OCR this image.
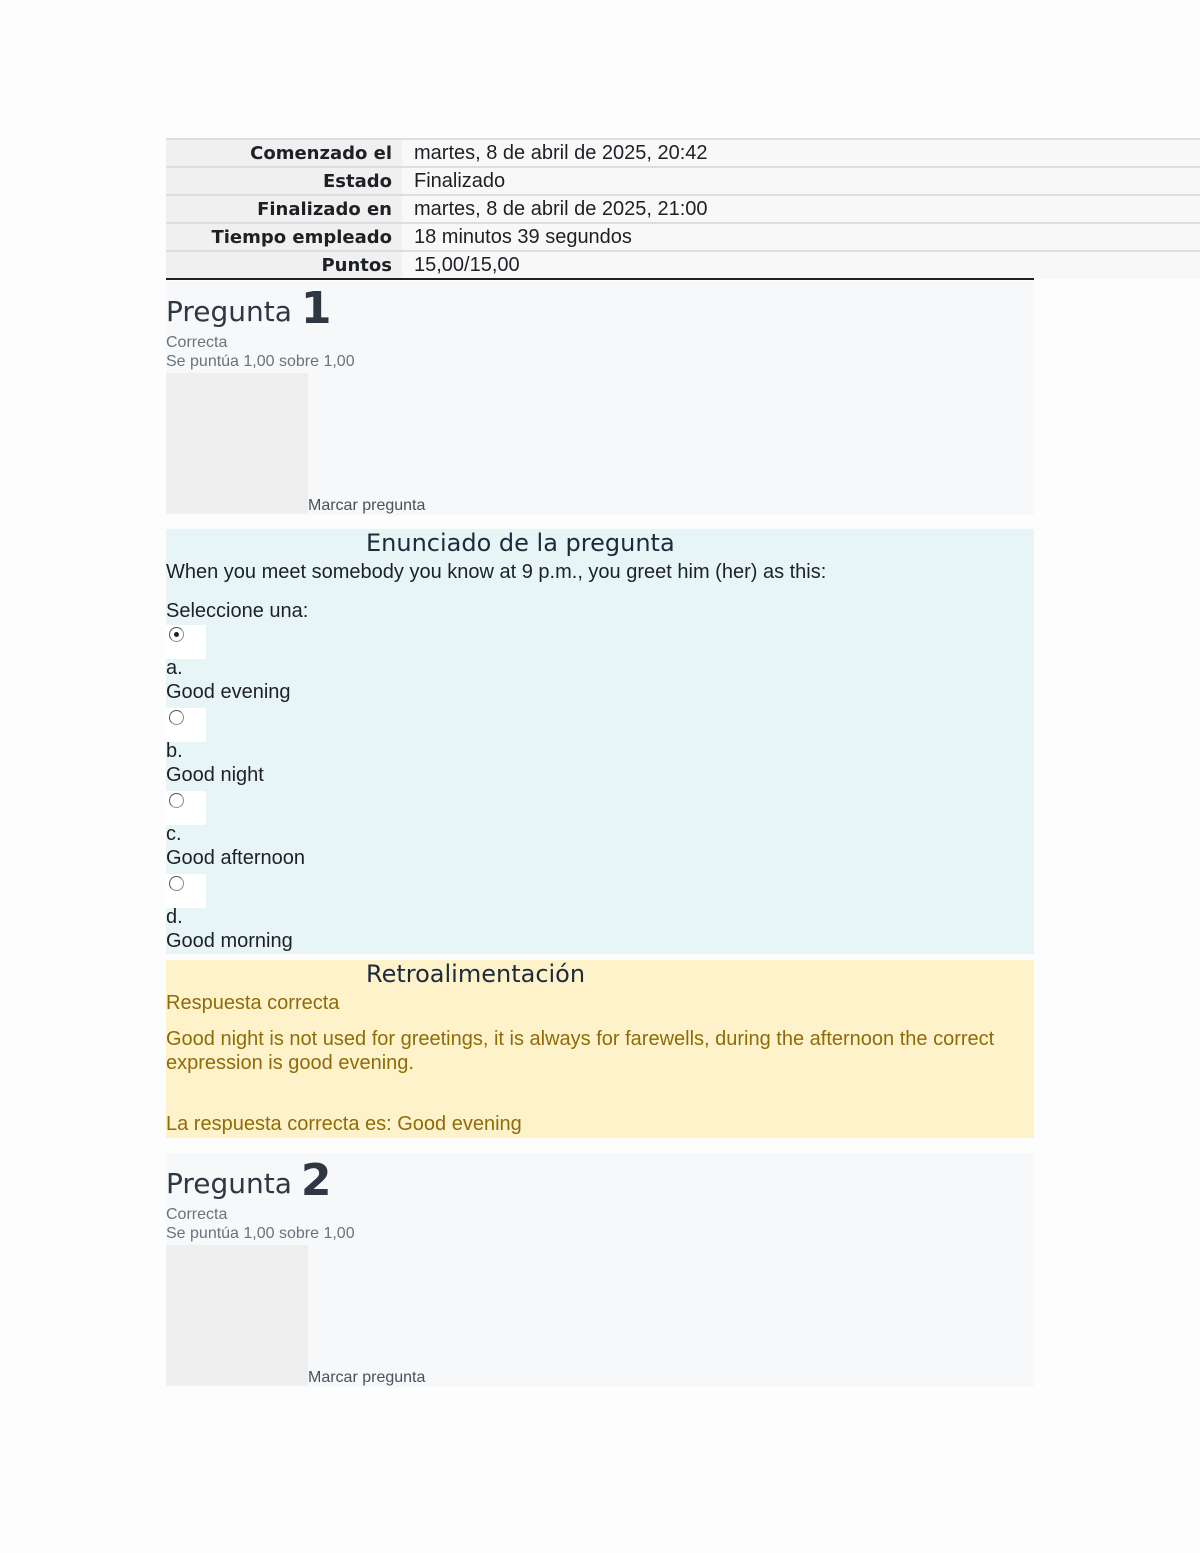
Comenzado el	martes, 8 de abril de 2025, 20:42
Estado	Finalizado
Finalizado en	martes, 8 de abril de 2025, 21:00
Tiempo empleado	18 minutos 39 segundos
Puntos	15,00/15,00
Pregunta 1
Correcta
Se puntúa 1,00 sobre 1,00
Marcar pregunta
Enunciado de la pregunta
When you meet somebody you know at 9 p.m., you greet him (her) as this:
Seleccione una:
a.
Good evening
b.
Good night
c.
Good afternoon
d.
Good morning
Retroalimentación
Respuesta correcta
Good night is not used for greetings, it is always for farewells, during the afternoon the correct expression is good evening.
La respuesta correcta es: Good evening
Pregunta 2
Correcta
Se puntúa 1,00 sobre 1,00
Marcar pregunta
